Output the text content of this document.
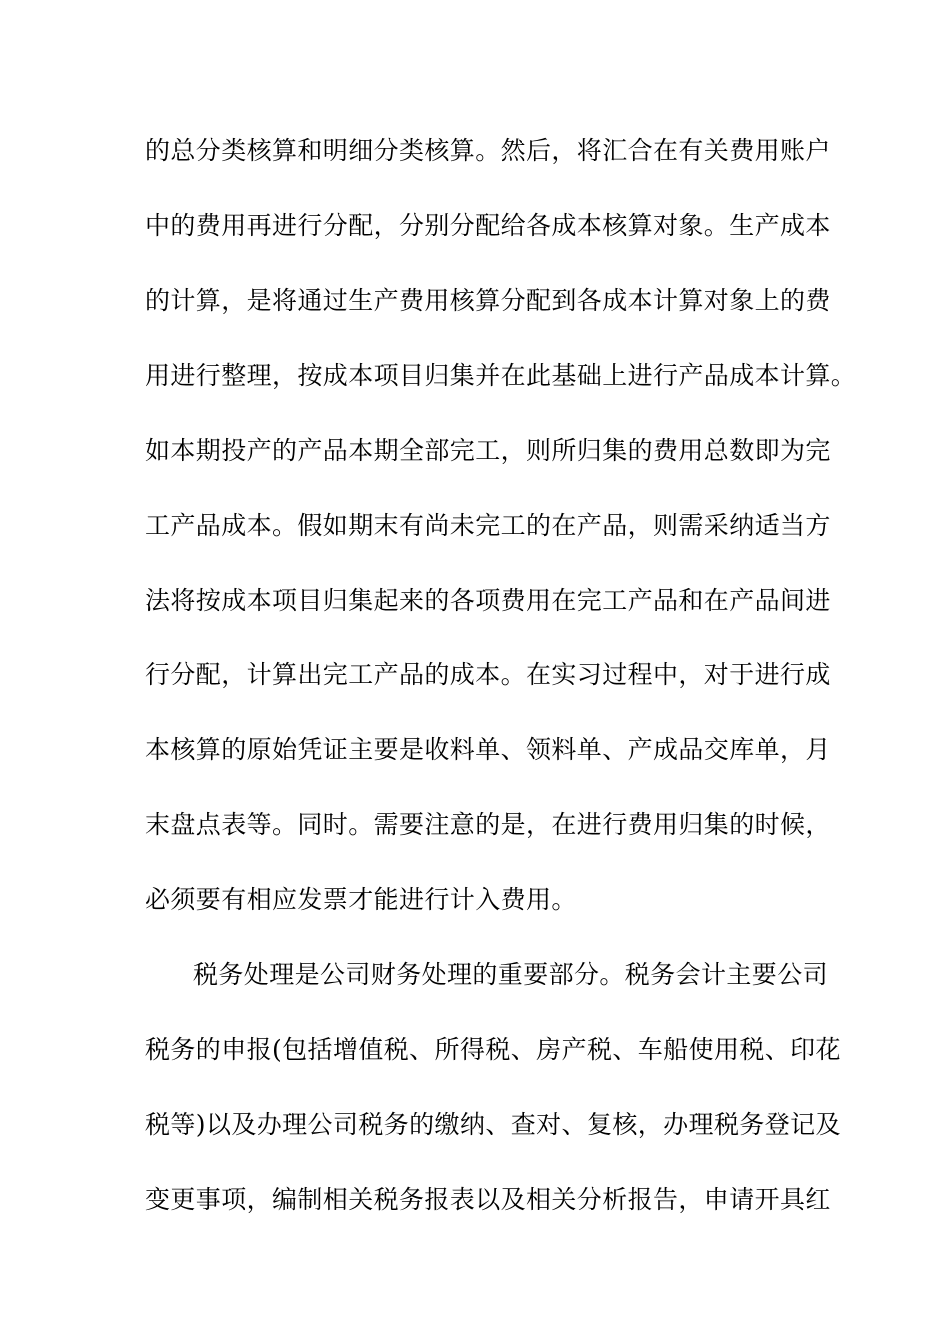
的总分类核算和明细分类核算。然后，将汇合在有关费用账户
中的费用再进行分配，分别分配给各成本核算对象。生产成本
的计算，是将通过生产费用核算分配到各成本计算对象上的费
用进行整理，按成本项目归集并在此基础上进行产品成本计算。
如本期投产的产品本期全部完工，则所归集的费用总数即为完
工产品成本。假如期末有尚未完工的在产品，则需采纳适当方
法将按成本项目归集起来的各项费用在完工产品和在产品间进
行分配，计算出完工产品的成本。在实习过程中，对于进行成
本核算的原始凭证主要是收料单、领料单、产成品交库单，月
末盘点表等。同时。需要注意的是，在进行费用归集的时候，
必须要有相应发票才能进行计入费用。
税务处理是公司财务处理的重要部分。税务会计主要公司
税务的申报(包括增值税、所得税、房产税、车船使用税、印花
税等)以及办理公司税务的缴纳、查对、复核，办理税务登记及
变更事项，编制相关税务报表以及相关分析报告，申请开具红
